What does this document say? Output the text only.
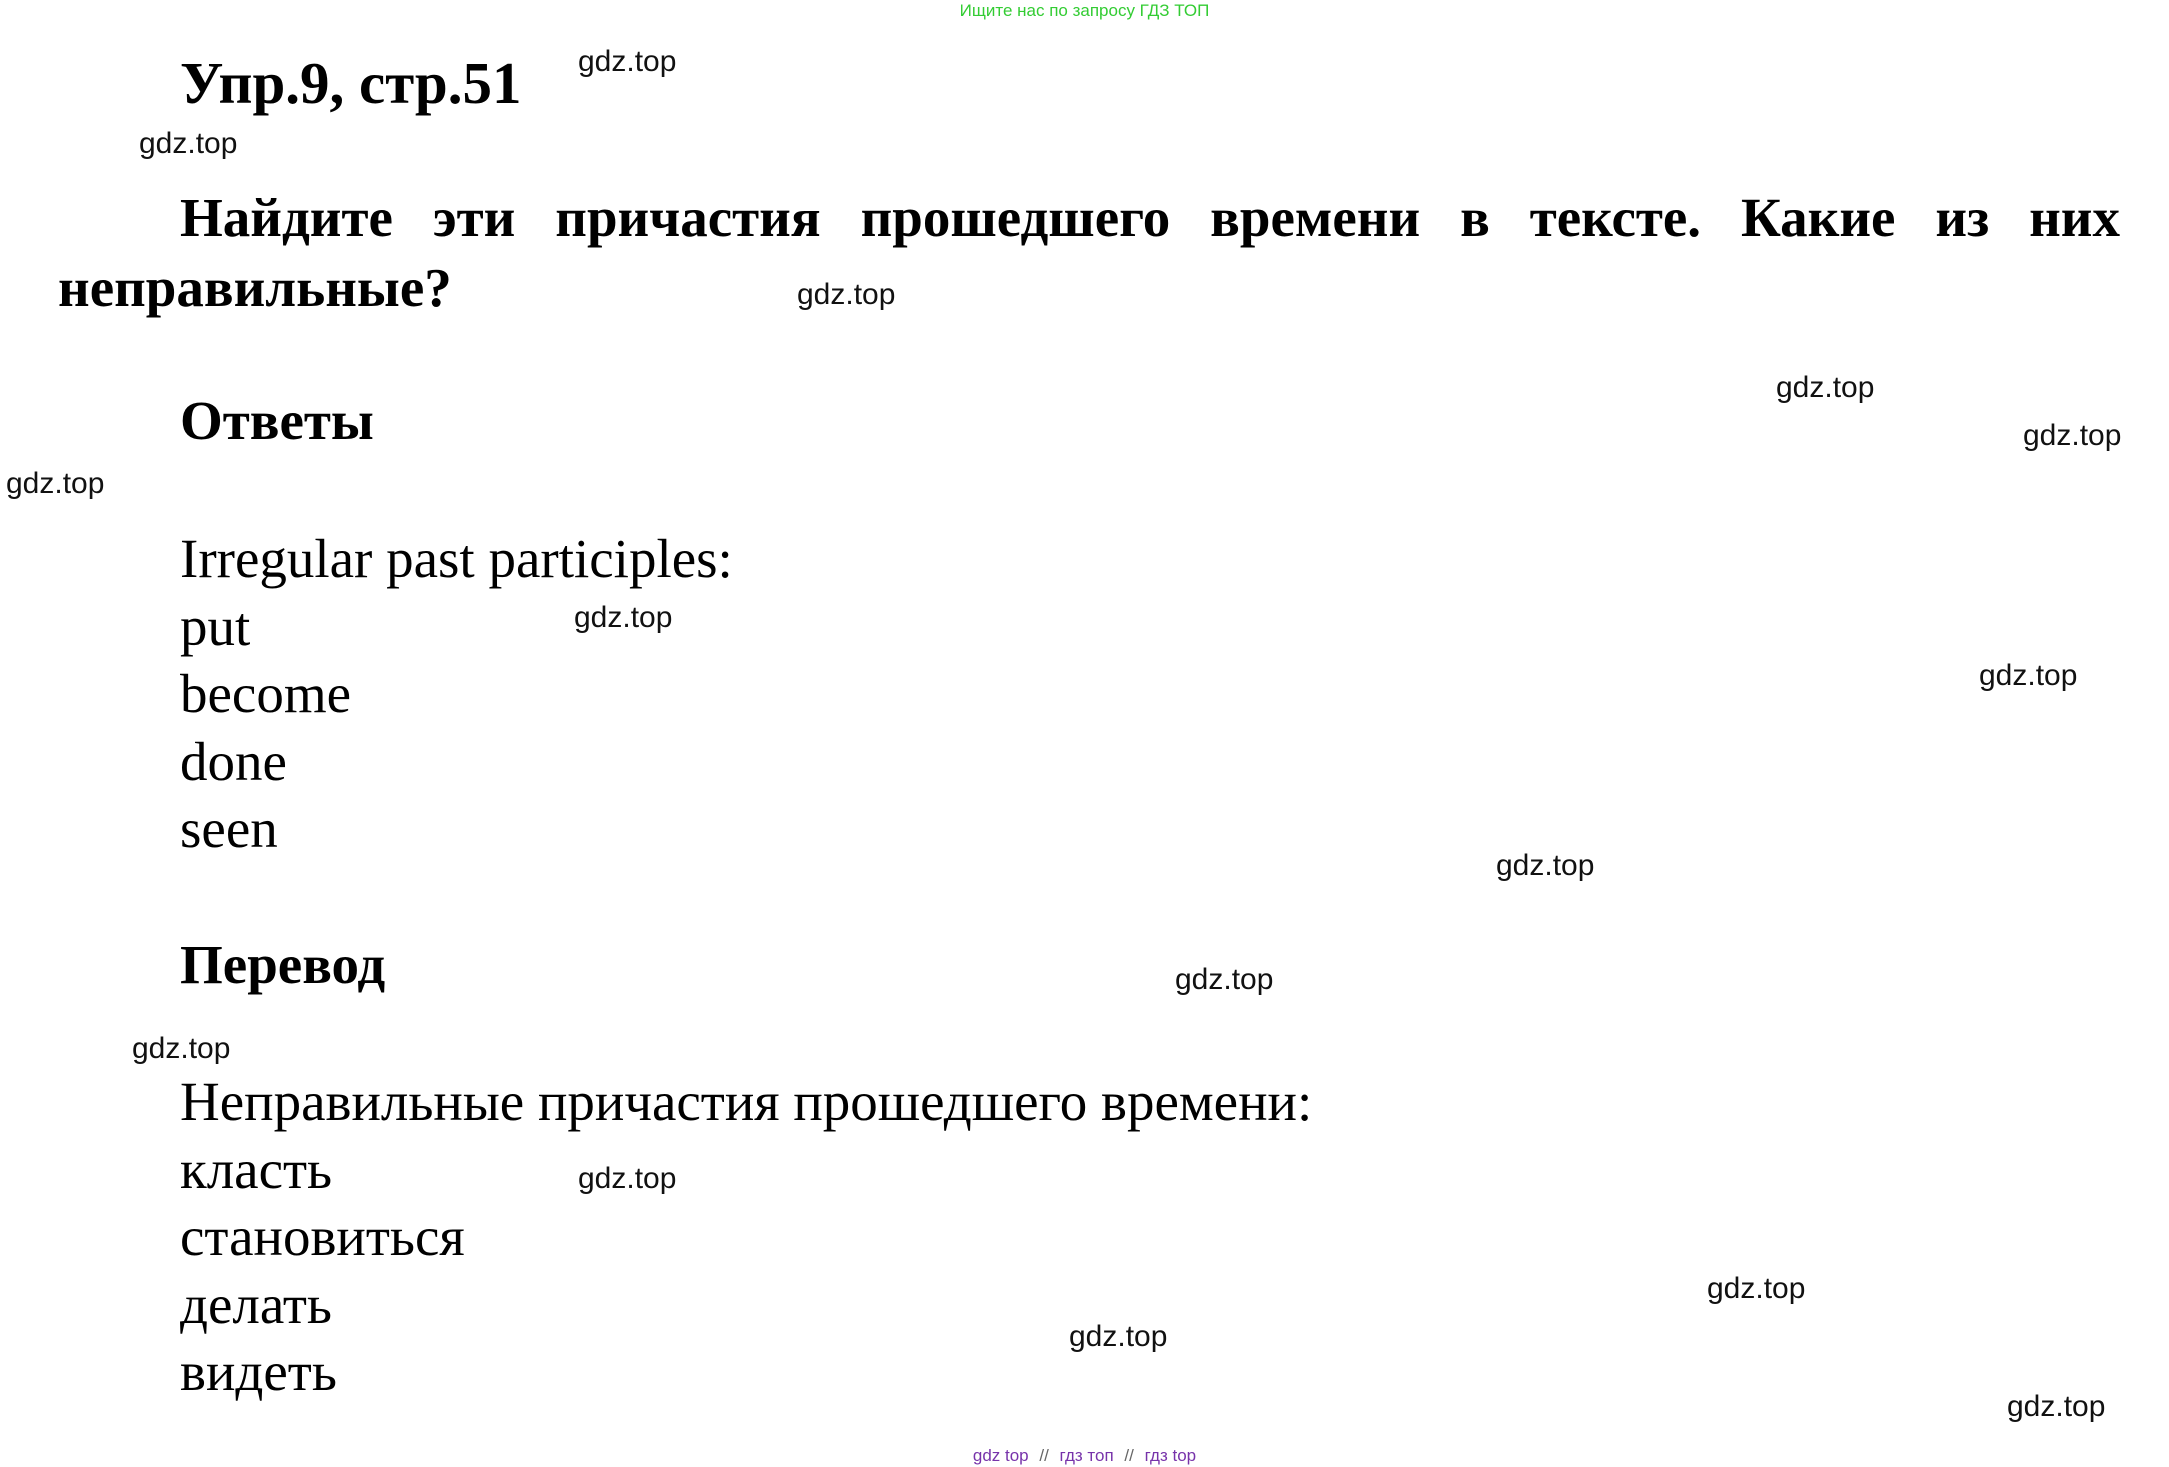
Ищите нас по запросу ГДЗ ТОП
Упр.9, стр.51

Найдите эти причастия прошедшего времени в тексте. Какие из них неправильные?

Ответы
Irregular past participles:
put
become
done
seen
Перевод
Неправильные причастия прошедшего времени:
класть
становиться
делать
видеть
gdz.top
gdz.top
gdz.top
gdz.top
gdz.top
gdz.top
gdz.top
gdz.top
gdz.top
gdz.top
gdz.top
gdz.top
gdz.top
gdz.top
gdz.top
gdz top // гдз топ // гдз top
